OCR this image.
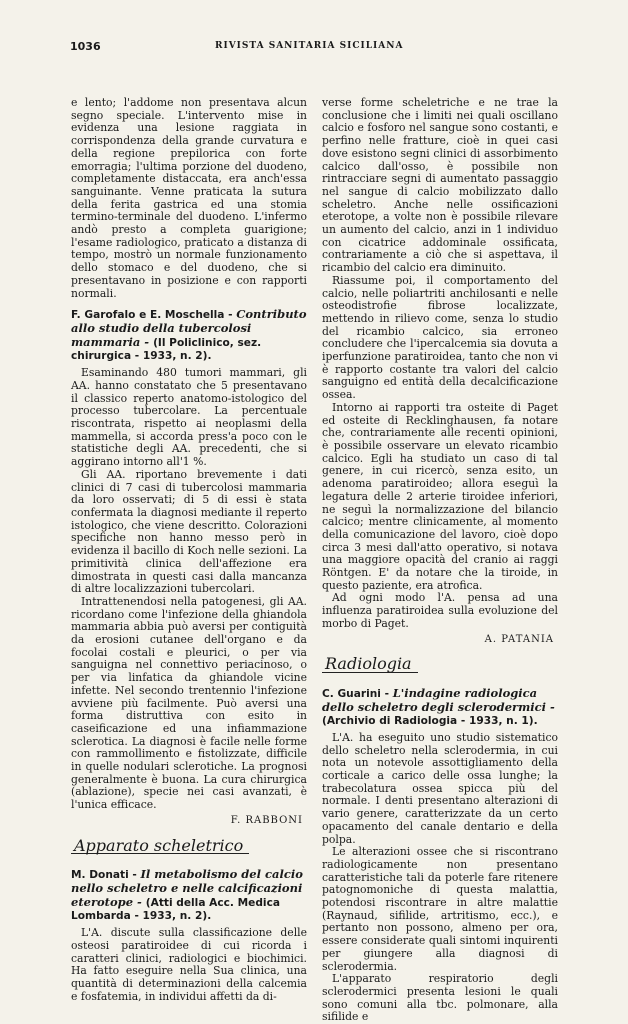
1036	RIVISTA SANITARIA SICILIANA

e lento; l'addome non presentava alcun segno speciale. L'intervento mise in evidenza una lesione raggiata in corrispondenza della grande curvatura e della regione prepilorica con forte emorragia; l'ultima porzione del duodeno, completamente distaccata, era anch'essa sanguinante. Venne praticata la sutura della ferita gastrica ed una stomia termino-terminale del duodeno. L'infermo andò presto a completa guarigione; l'esame radiologico, praticato a distanza di tempo, mostrò un normale funzionamento dello stomaco e del duodeno, che si presentavano in posizione e con rapporti normali.

F. Garofalo e E. Moschella - Contributo allo studio della tubercolosi mammaria - (Il Policlinico, sez. chirurgica - 1933, n. 2).

Esaminando 480 tumori mammari, gli AA. hanno constatato che 5 presentavano il classico reperto anatomo-istologico del processo tubercolare. La percentuale riscontrata, rispetto ai neoplasmi della mammella, si accorda press'a poco con le statistiche degli AA. precedenti, che si aggirano intorno all'1 %.

Gli AA. riportano brevemente i dati clinici di 7 casi di tubercolosi mammaria da loro osservati; di 5 di essi è stata confermata la diagnosi mediante il reperto istologico, che viene descritto. Colorazioni specifiche non hanno messo però in evidenza il bacillo di Koch nelle sezioni. La primitività clinica dell'affezione era dimostrata in questi casi dalla mancanza di altre localizzazioni tubercolari.

Intrattenendosi nella patogenesi, gli AA. ricordano come l'infezione della ghiandola mammaria abbia può aversi per contiguità da erosioni cutanee dell'organo e da focolai costali e pleurici, o per via sanguigna nel connettivo periacinoso, o per via linfatica da ghiandole vicine infette. Nel secondo trentennio l'infezione avviene più facilmente. Può aversi una forma distruttiva con esito in caseificazione ed una infiammazione sclerotica. La diagnosi è facile nelle forme con rammollimento e fistolizzate, difficile in quelle nodulari sclerotiche. La prognosi generalmente è buona. La cura chirurgica (ablazione), specie nei casi avanzati, è l'unica efficace.

F. RABBONI
Apparato scheletrico
M. Donati - Il metabolismo del calcio nello scheletro e nelle calcificazioni eterotope - (Atti della Acc. Medica Lombarda - 1933, n. 2).

L'A. discute sulla classificazione delle osteosi paratiroidee di cui ricorda i caratteri clinici, radiologici e biochimici. Ha fatto eseguire nella Sua clinica, una quantità di determinazioni della calcemia e fosfatemia, in individui affetti da di-

verse forme scheletriche e ne trae la conclusione che i limiti nei quali oscillano calcio e fosforo nel sangue sono costanti, e perfino nelle fratture, cioè in quei casi dove esistono segni clinici di assorbimento calcico dall'osso, è possibile non rintracciare segni di aumentato passaggio nel sangue di calcio mobilizzato dallo scheletro. Anche nelle ossificazioni eterotope, a volte non è possibile rilevare un aumento del calcio, anzi in 1 individuo con cicatrice addominale ossificata, contrariamente a ciò che si aspettava, il ricambio del calcio era diminuito.

Riassume poi, il comportamento del calcio, nelle poliartriti anchilosanti e nelle osteodistrofie fibrose localizzate, mettendo in rilievo come, senza lo studio del ricambio calcico, sia erroneo concludere che l'ipercalcemia sia dovuta a iperfunzione paratiroidea, tanto che non vi è rapporto costante tra valori del calcio sanguigno ed entità della decalcificazione ossea.

Intorno ai rapporti tra osteite di Paget ed osteite di Recklinghausen, fa notare che, contrariamente alle recenti opinioni, è possibile osservare un elevato ricambio calcico. Egli ha studiato un caso di tal genere, in cui ricercò, senza esito, un adenoma paratiroideo; allora eseguì la legatura delle 2 arterie tiroidee inferiori, ne seguì la normalizzazione del bilancio calcico; mentre clinicamente, al momento della comunicazione del lavoro, cioè dopo circa 3 mesi dall'atto operativo, si notava una maggiore opacità del cranio ai raggi Röntgen. E' da notare che la tiroide, in questo paziente, era atrofica.

Ad ogni modo l'A. pensa ad una influenza paratiroidea sulla evoluzione del morbo di Paget.

A. PATANIA
Radiologia
C. Guarini - L'indagine radiologica dello scheletro degli sclerodermici - (Archivio di Radiologia - 1933, n. 1).

L'A. ha eseguito uno studio sistematico dello scheletro nella sclerodermia, in cui nota un notevole assottigliamento della corticale a carico delle ossa lunghe; la trabecolatura ossea spicca più del normale. I denti presentano alterazioni di vario genere, caratterizzate da un certo opacamento del canale dentario e della polpa.

Le alterazioni ossee che si riscontrano radiologicamente non presentano caratteristiche tali da poterle fare ritenere patognomoniche di questa malattia, potendosi riscontrare in altre malattie (Raynaud, sifilide, artritismo, ecc.), e pertanto non possono, almeno per ora, essere considerate quali sintomi inquirenti per giungere alla diagnosi di sclerodermia.

L'apparato respiratorio degli sclerodermici presenta lesioni le quali sono comuni alla tbc. polmonare, alla sifilide e
